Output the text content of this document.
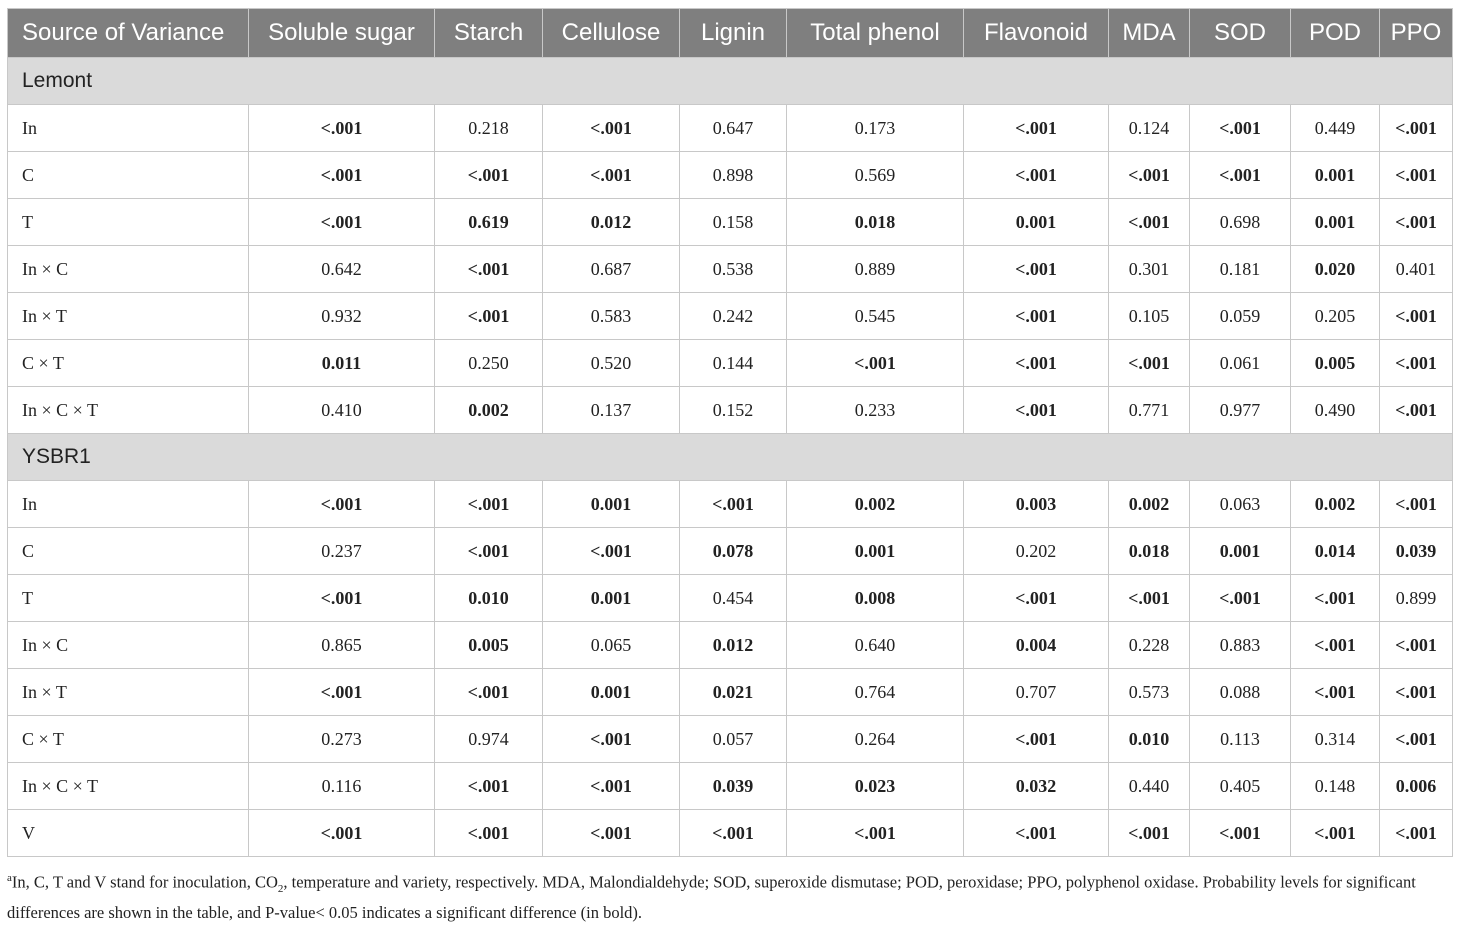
Source of Variance	Soluble sugar	Starch	Cellulose	Lignin	Total phenol	Flavonoid	MDA	SOD	POD	PPO
Lemont										
In	<.001	0.218	<.001	0.647	0.173	<.001	0.124	<.001	0.449	<.001
C	<.001	<.001	<.001	0.898	0.569	<.001	<.001	<.001	0.001	<.001
T	<.001	0.619	0.012	0.158	0.018	0.001	<.001	0.698	0.001	<.001
In × C	0.642	<.001	0.687	0.538	0.889	<.001	0.301	0.181	0.020	0.401
In × T	0.932	<.001	0.583	0.242	0.545	<.001	0.105	0.059	0.205	<.001
C × T	0.011	0.250	0.520	0.144	<.001	<.001	<.001	0.061	0.005	<.001
In × C × T	0.410	0.002	0.137	0.152	0.233	<.001	0.771	0.977	0.490	<.001
YSBR1										
In	<.001	<.001	0.001	<.001	0.002	0.003	0.002	0.063	0.002	<.001
C	0.237	<.001	<.001	0.078	0.001	0.202	0.018	0.001	0.014	0.039
T	<.001	0.010	0.001	0.454	0.008	<.001	<.001	<.001	<.001	0.899
In × C	0.865	0.005	0.065	0.012	0.640	0.004	0.228	0.883	<.001	<.001
In × T	<.001	<.001	0.001	0.021	0.764	0.707	0.573	0.088	<.001	<.001
C × T	0.273	0.974	<.001	0.057	0.264	<.001	0.010	0.113	0.314	<.001
In × C × T	0.116	<.001	<.001	0.039	0.023	0.032	0.440	0.405	0.148	0.006
V	<.001	<.001	<.001	<.001	<.001	<.001	<.001	<.001	<.001	<.001
$^a$In, C, T and V stand for inoculation, $CO_2$, temperature and variety, respectively. MDA, Malondialdehyde; SOD, superoxide dismutase; POD, peroxidase; PPO, polyphenol oxidase. Probability levels for significant differences are shown in the table, and P-value< 0.05 indicates a significant difference (in bold).
